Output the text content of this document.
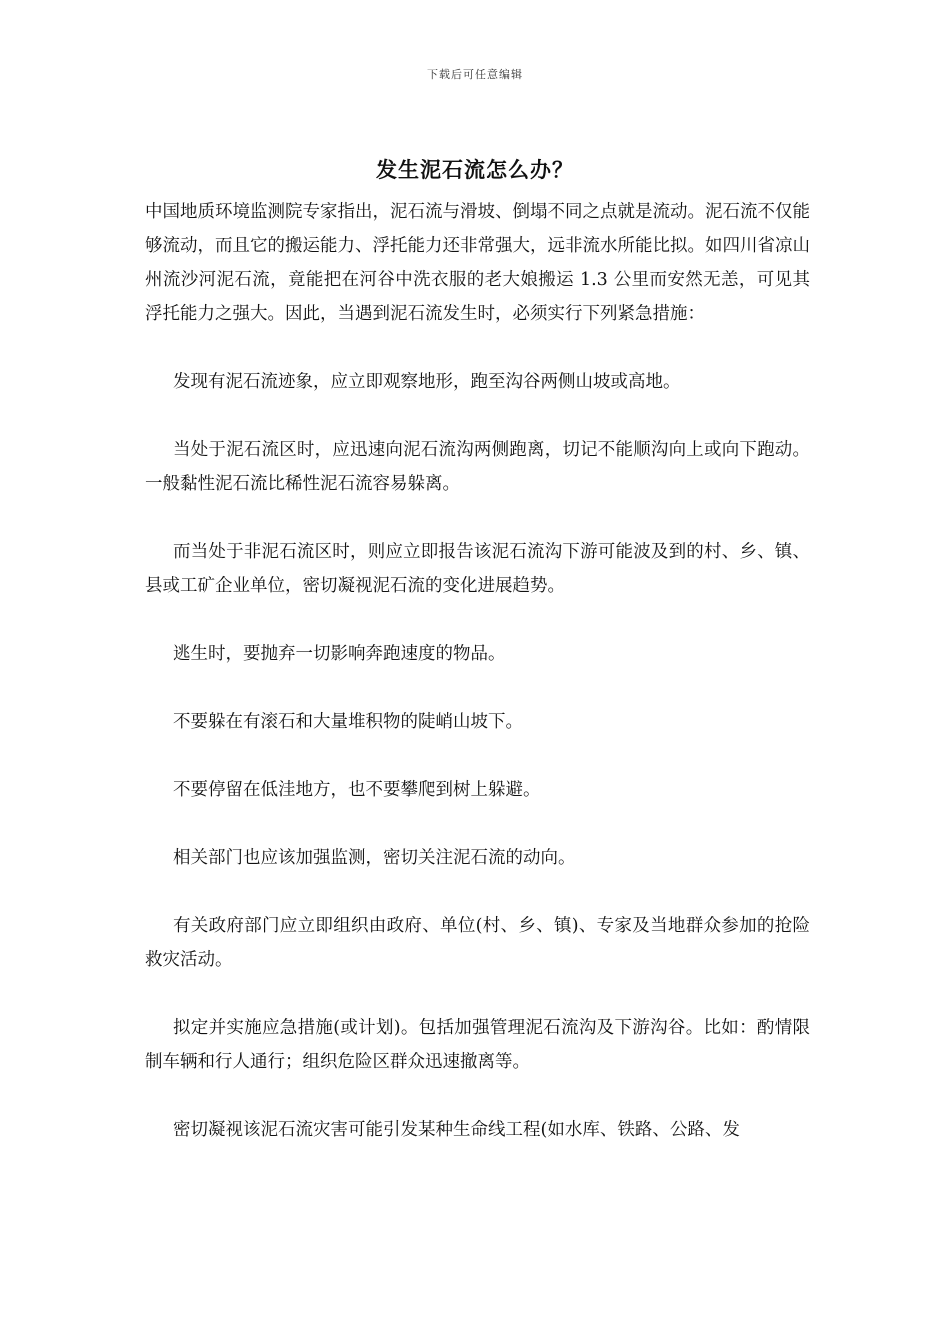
下载后可任意编辑
发生泥石流怎么办？

中国地质环境监测院专家指出，泥石流与滑坡、倒塌不同之点就是流动。泥石流不仅能够流动，而且它的搬运能力、浮托能力还非常强大，远非流水所能比拟。如四川省凉山州流沙河泥石流，竟能把在河谷中洗衣服的老大娘搬运 1.3 公里而安然无恙，可见其浮托能力之强大。因此，当遇到泥石流发生时，必须实行下列紧急措施：

发现有泥石流迹象，应立即观察地形，跑至沟谷两侧山坡或高地。

当处于泥石流区时，应迅速向泥石流沟两侧跑离，切记不能顺沟向上或向下跑动。一般黏性泥石流比稀性泥石流容易躲离。

而当处于非泥石流区时，则应立即报告该泥石流沟下游可能波及到的村、乡、镇、县或工矿企业单位，密切凝视泥石流的变化进展趋势。

逃生时，要抛弃一切影响奔跑速度的物品。

不要躲在有滚石和大量堆积物的陡峭山坡下。

不要停留在低洼地方，也不要攀爬到树上躲避。

相关部门也应该加强监测，密切关注泥石流的动向。

有关政府部门应立即组织由政府、单位(村、乡、镇)、专家及当地群众参加的抢险救灾活动。

拟定并实施应急措施(或计划)。包括加强管理泥石流沟及下游沟谷。比如：酌情限制车辆和行人通行；组织危险区群众迅速撤离等。

密切凝视该泥石流灾害可能引发某种生命线工程(如水库、铁路、公路、发
